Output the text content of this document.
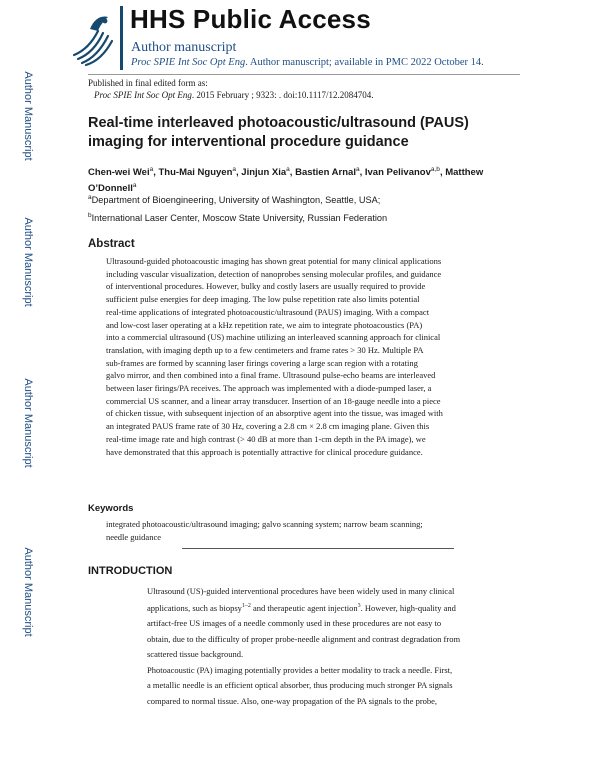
HHS Public Access
Author manuscript
Proc SPIE Int Soc Opt Eng. Author manuscript; available in PMC 2022 October 14.
Author Manuscript
Author Manuscript
Author Manuscript
Author Manuscript
Published in final edited form as:
Proc SPIE Int Soc Opt Eng. 2015 February ; 9323: . doi:10.1117/12.2084704.
Real-time interleaved photoacoustic/ultrasound (PAUS) imaging for interventional procedure guidance
Chen-wei Wei$^a$, Thu-Mai Nguyen$^a$, Jinjun Xia$^a$, Bastien Arnal$^a$, Ivan Pelivanov$^{a,b}$, Matthew O’Donnell$^a$
$^a$Department of Bioengineering, University of Washington, Seattle, USA;
$^b$International Laser Center, Moscow State University, Russian Federation
Abstract
Ultrasound-guided photoacoustic imaging has shown great potential for many clinical applications
including vascular visualization, detection of nanoprobes sensing molecular profiles, and guidance
of interventional procedures. However, bulky and costly lasers are usually required to provide
sufficient pulse energies for deep imaging. The low pulse repetition rate also limits potential
real-time applications of integrated photoacoustic/ultrasound (PAUS) imaging. With a compact
and low-cost laser operating at a kHz repetition rate, we aim to integrate photoacoustics (PA)
into a commercial ultrasound (US) machine utilizing an interleaved scanning approach for clinical
translation, with imaging depth up to a few centimeters and frame rates > 30 Hz. Multiple PA
sub-frames are formed by scanning laser firings covering a large scan region with a rotating
galvo mirror, and then combined into a final frame. Ultrasound pulse-echo beams are interleaved
between laser firings/PA receives. The approach was implemented with a diode-pumped laser, a
commercial US scanner, and a linear array transducer. Insertion of an 18-gauge needle into a piece
of chicken tissue, with subsequent injection of an absorptive agent into the tissue, was imaged with
an integrated PAUS frame rate of 30 Hz, covering a 2.8 cm × 2.8 cm imaging plane. Given this
real-time image rate and high contrast (> 40 dB at more than 1-cm depth in the PA image), we
have demonstrated that this approach is potentially attractive for clinical procedure guidance.
Keywords
integrated photoacoustic/ultrasound imaging; galvo scanning system; narrow beam scanning;
needle guidance
INTRODUCTION
Ultrasound (US)-guided interventional procedures have been widely used in many clinical
applications, such as biopsy$^{1-2}$ and therapeutic agent injection$^3$. However, high-quality and
artifact-free US images of a needle commonly used in these procedures are not easy to
obtain, due to the difficulty of proper probe-needle alignment and contrast degradation from
scattered tissue background.
Photoacoustic (PA) imaging potentially provides a better modality to track a needle. First,
a metallic needle is an efficient optical absorber, thus producing much stronger PA signals
compared to normal tissue. Also, one-way propagation of the PA signals to the probe,
